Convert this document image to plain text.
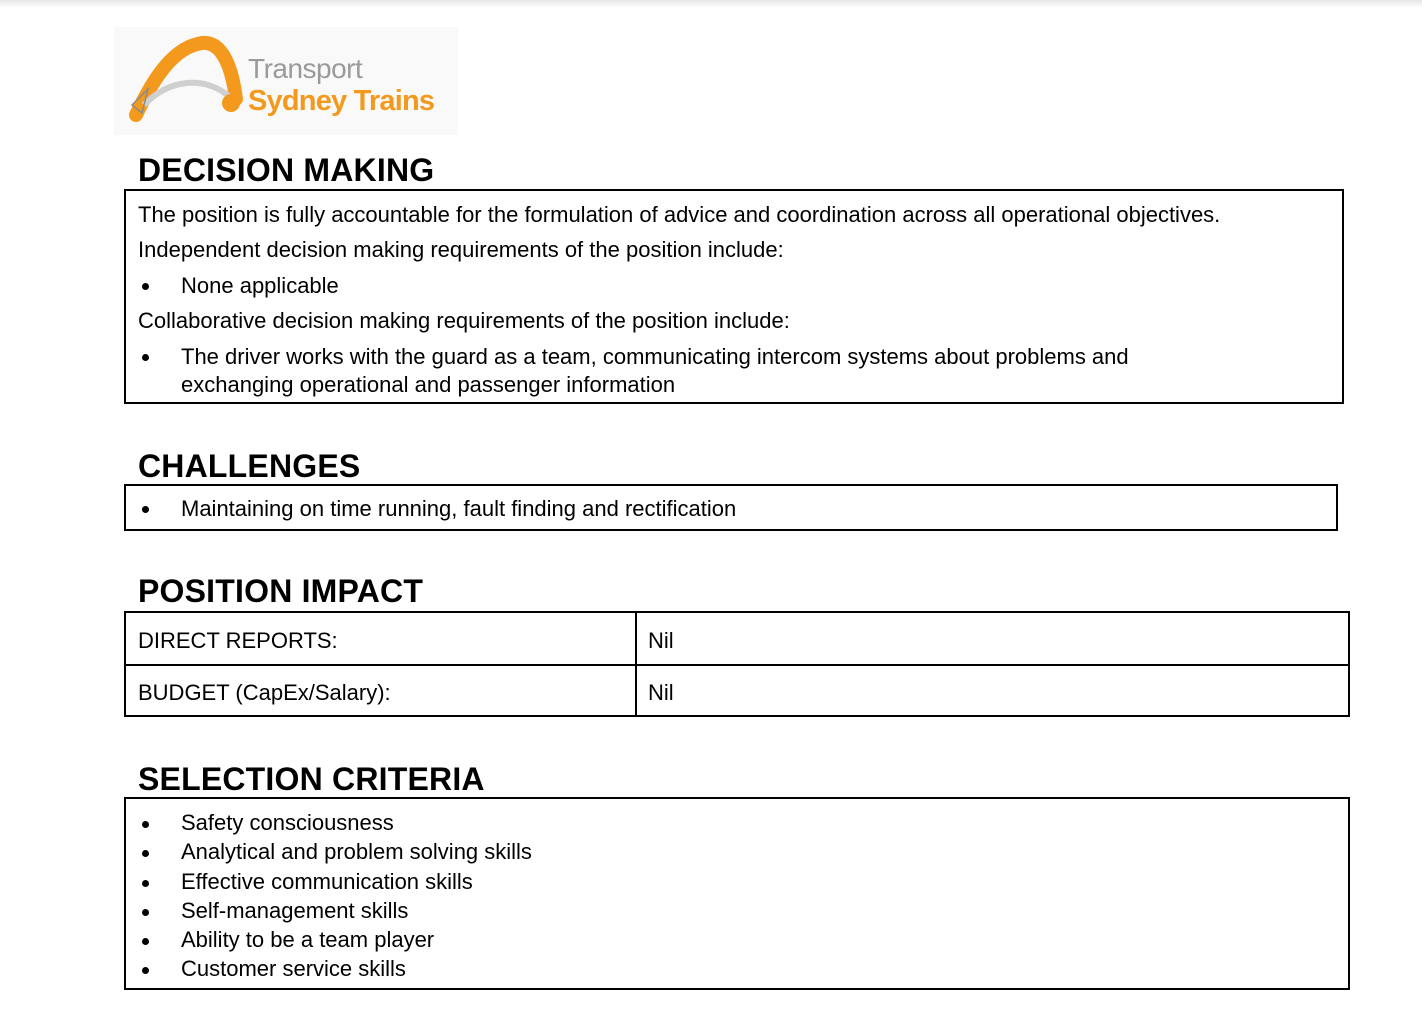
Transport
Sydney Trains
DECISION MAKING
The position is fully accountable for the formulation of advice and coordination across all operational objectives.
Independent decision making requirements of the position include:
None applicable
Collaborative decision making requirements of the position include:
The driver works with the guard as a team, communicating intercom systems about problems and
exchanging operational and passenger information
CHALLENGES
Maintaining on time running, fault finding and rectification
POSITION IMPACT
DIRECT REPORTS:	Nil
BUDGET (CapEx/Salary):	Nil
SELECTION CRITERIA
Safety consciousness
Analytical and problem solving skills
Effective communication skills
Self-management skills
Ability to be a team player
Customer service skills
